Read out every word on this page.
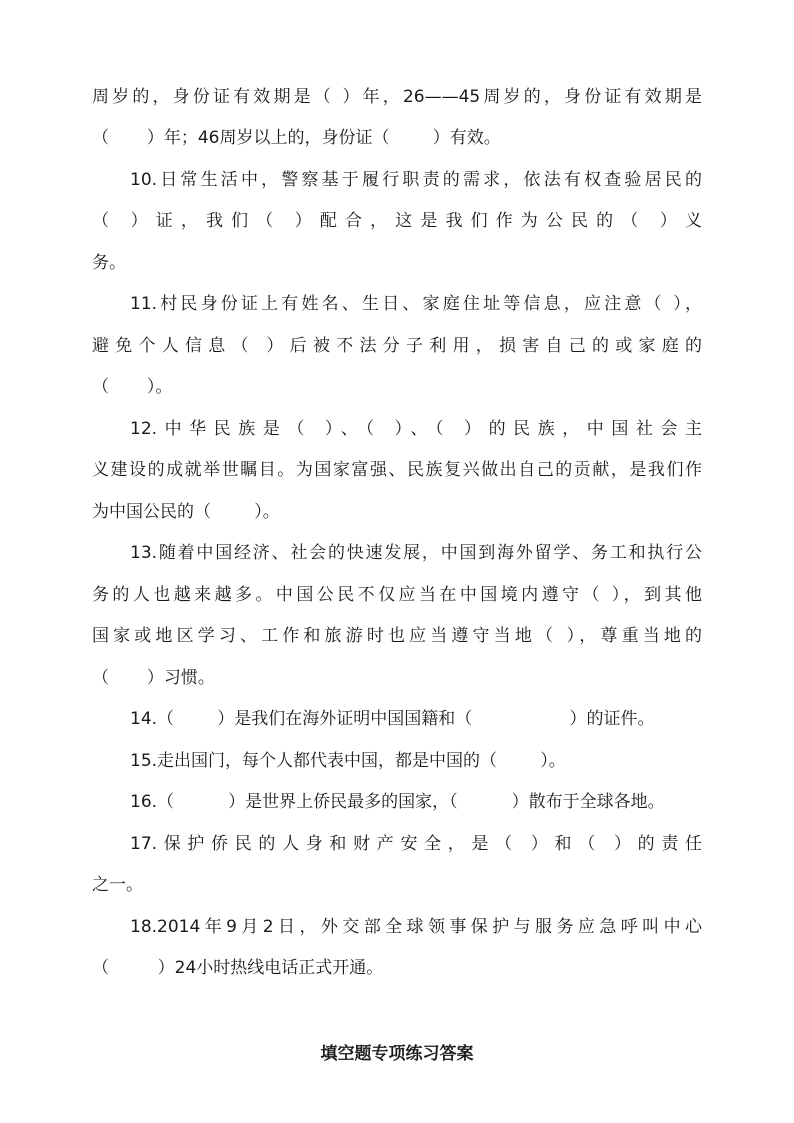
周岁的，身份证有效期是（ ）年，26——45周岁的，身份证有效期是
（       ）年；46周岁以上的，身份证（        ）有效。
10.日常生活中，警察基于履行职责的需求，依法有权查验居民的
（ ）证，我们（ ）配合，这是我们作为公民的（ ）义
务。
11.村民身份证上有姓名、生日、家庭住址等信息，应注意（ ），
避免个人信息（ ）后被不法分子利用，损害自己的或家庭的
（       ）。
12.中华民族是（ ）、（ ）、（ ）的民族，中国社会主
义建设的成就举世瞩目。为国家富强、民族复兴做出自己的贡献，是我们作
为中国公民的（        ）。
13.随着中国经济、社会的快速发展，中国到海外留学、务工和执行公
务的人也越来越多。中国公民不仅应当在中国境内遵守（ ），到其他
国家或地区学习、工作和旅游时也应当遵守当地（ ），尊重当地的
（       ）习惯。
14.（        ）是我们在海外证明中国国籍和（                  ）的证件。
15.走出国门，每个人都代表中国，都是中国的（        ）。
16.（          ）是世界上侨民最多的国家，（          ）散布于全球各地。
17.保护侨民的人身和财产安全，是（ ）和（ ）的责任
之一。
18.2014年9月2日，外交部全球领事保护与服务应急呼叫中心
（         ）24小时热线电话正式开通。
填空题专项练习答案
